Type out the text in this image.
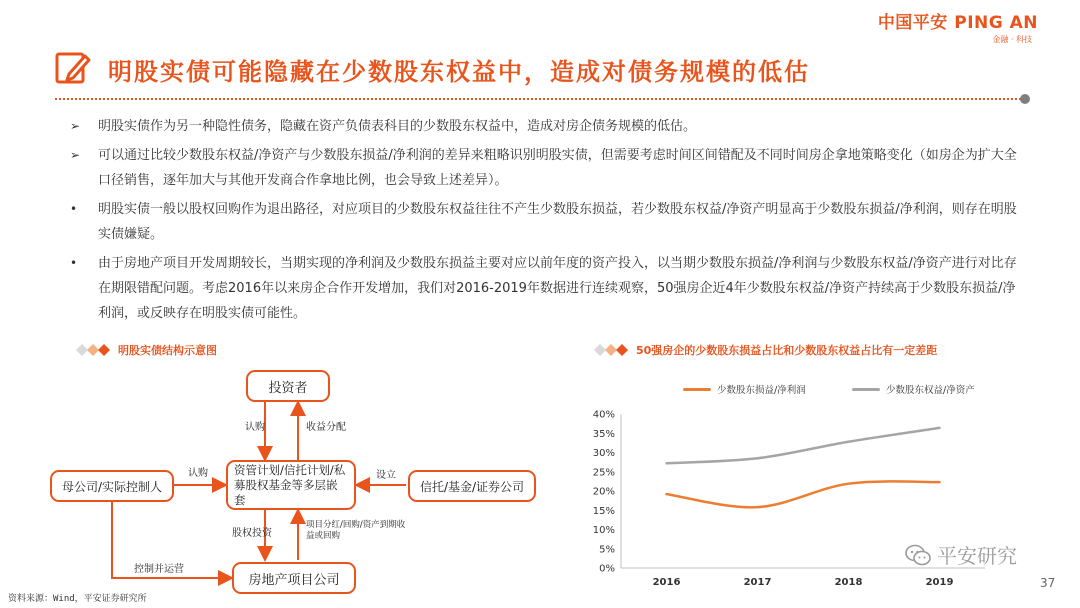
中国平安 PING AN
金融 · 科技
明股实债可能隐藏在少数股东权益中，造成对债务规模的低估
➢ 明股实债作为另一种隐性债务，隐藏在资产负债表科目的少数股东权益中，造成对房企债务规模的低估。
➢ 可以通过比较少数股东权益/净资产与少数股东损益/净利润的差异来粗略识别明股实债，但需要考虑时间区间错配及不同时间房企拿地策略变化（如房企为扩大全口径销售，逐年加大与其他开发商合作拿地比例，也会导致上述差异）。
• 明股实债一般以股权回购作为退出路径，对应项目的少数股东权益往往不产生少数股东损益，若少数股东权益/净资产明显高于少数股东损益/净利润，则存在明股实债嫌疑。
• 由于房地产项目开发周期较长，当期实现的净利润及少数股东损益主要对应以前年度的资产投入，以当期少数股东损益/净利润与少数股东权益/净资产进行对比存在期限错配问题。考虑2016年以来房企合作开发增加，我们对2016-2019年数据进行连续观察，50强房企近4年少数股东权益/净资产持续高于少数股东损益/净利润，或反映存在明股实债可能性。
明股实债结构示意图	50强房企的少数股东损益占比和少数股东权益占比有一定差距
投资者
母公司/实际控制人
资管计划/信托计划/私募股权基金等多层嵌套
信托/基金/证券公司
房地产项目公司
认购	收益分配
认购	设立
股权投资
项目分红/回购/资产到期收益或回购
控制并运营
少数股东损益/净利润	少数股东权益/净资产
0%
5%
10%
15%
20%
25%
30%
35%
40%
2016	2017	2018	2019
资料来源：Wind，平安证券研究所
平安研究
37
